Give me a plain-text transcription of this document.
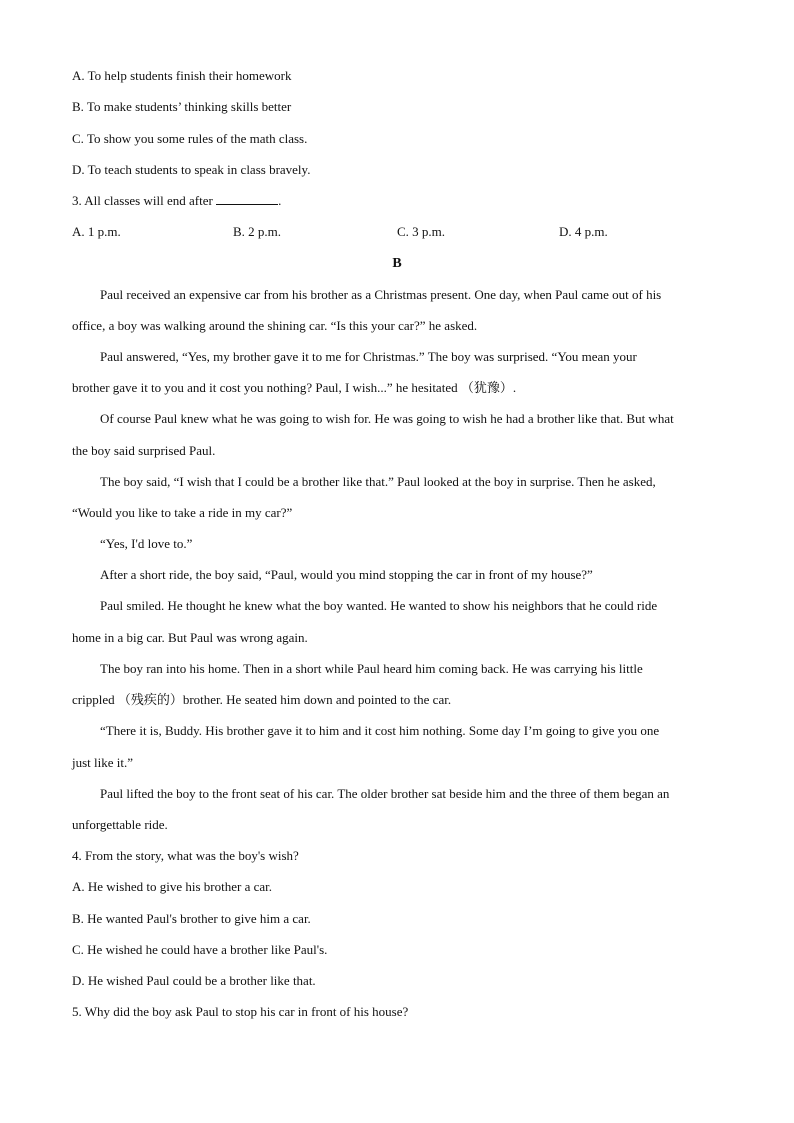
A. To help students finish their homework
B. To make students’ thinking skills better
C. To show you some rules of the math class.
D. To teach students to speak in class bravely.
3. All classes will end after	.
A. 1 p.m.	B. 2 p.m.	C. 3 p.m.	D. 4 p.m.
B
Paul received an expensive car from his brother as a Christmas present. One day, when Paul came out of his
office, a boy was walking around the shining car. “Is this your car?” he asked.
Paul answered, “Yes, my brother gave it to me for Christmas.” The boy was surprised. “You mean your
brother gave it to you and it cost you nothing? Paul, I wish...” he hesitated （犹豫）.
Of course Paul knew what he was going to wish for. He was going to wish he had a brother like that. But what
the boy said surprised Paul.
The boy said, “I wish that I could be a brother like that.” Paul looked at the boy in surprise. Then he asked,
“Would you like to take a ride in my car?”
“Yes, I'd love to.”
After a short ride, the boy said, “Paul, would you mind stopping the car in front of my house?”
Paul smiled. He thought he knew what the boy wanted. He wanted to show his neighbors that he could ride
home in a big car. But Paul was wrong again.
The boy ran into his home. Then in a short while Paul heard him coming back. He was carrying his little
crippled （残疾的）brother. He seated him down and pointed to the car.
“There it is, Buddy. His brother gave it to him and it cost him nothing. Some day I’m going to give you one
just like it.”
Paul lifted the boy to the front seat of his car. The older brother sat beside him and the three of them began an
unforgettable ride.
4. From the story, what was the boy's wish?
A. He wished to give his brother a car.
B. He wanted Paul's brother to give him a car.
C. He wished he could have a brother like Paul's.
D. He wished Paul could be a brother like that.
5. Why did the boy ask Paul to stop his car in front of his house?
